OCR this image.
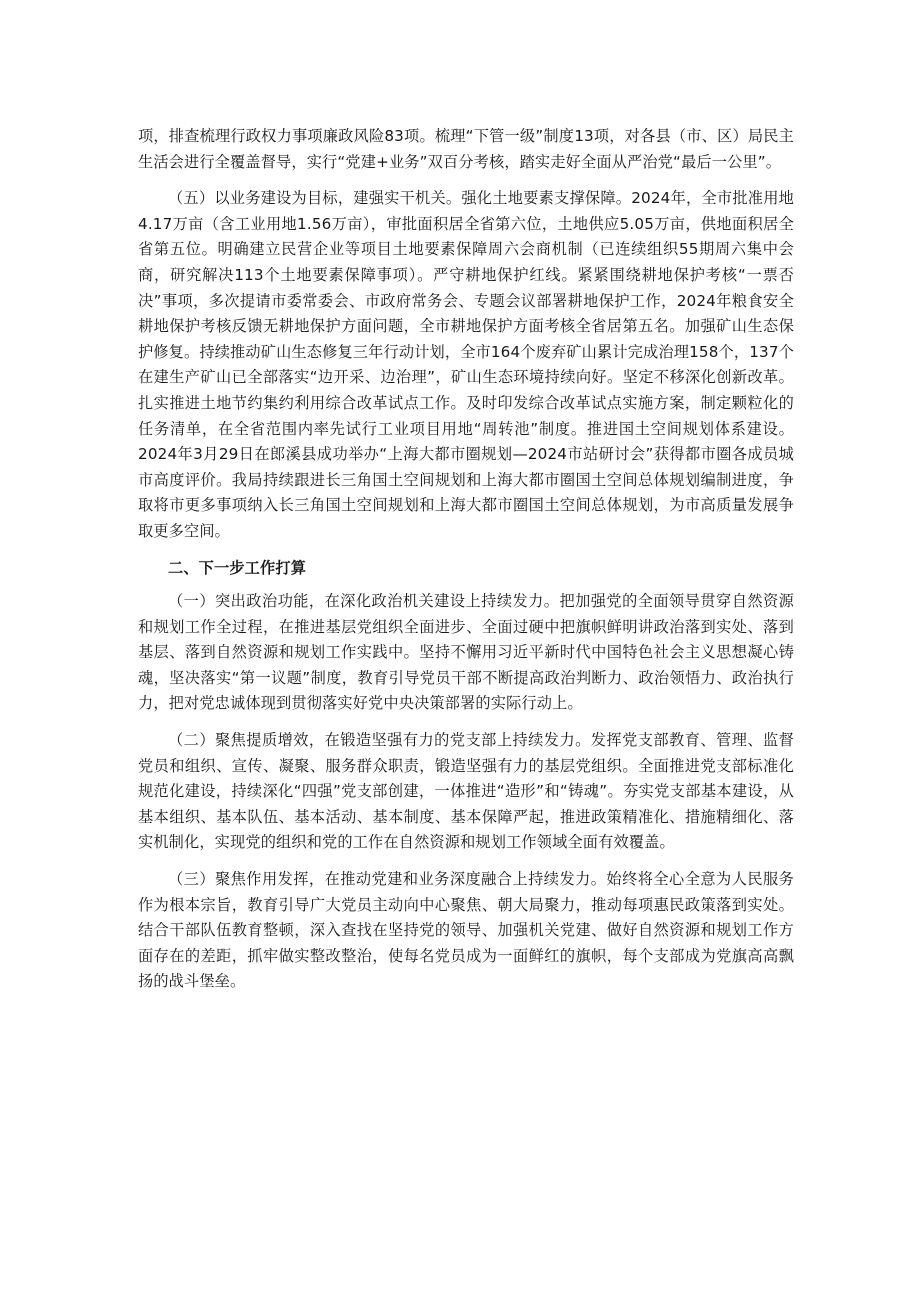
项，排查梳理行政权力事项廉政风险83项。梳理“下管一级”制度13项，对各县（市、区）局民主生活会进行全覆盖督导，实行“党建+业务”双百分考核，踏实走好全面从严治党“最后一公里”。

（五）以业务建设为目标，建强实干机关。强化土地要素支撑保障。2024年，全市批准用地4.17万亩（含工业用地1.56万亩），审批面积居全省第六位，土地供应5.05万亩，供地面积居全省第五位。明确建立民营企业等项目土地要素保障周六会商机制（已连续组织55期周六集中会商，研究解决113个土地要素保障事项）。严守耕地保护红线。紧紧围绕耕地保护考核“一票否决”事项，多次提请市委常委会、市政府常务会、专题会议部署耕地保护工作，2024年粮食安全耕地保护考核反馈无耕地保护方面问题，全市耕地保护方面考核全省居第五名。加强矿山生态保护修复。持续推动矿山生态修复三年行动计划，全市164个废弃矿山累计完成治理158个，137个在建生产矿山已全部落实“边开采、边治理”，矿山生态环境持续向好。坚定不移深化创新改革。扎实推进土地节约集约利用综合改革试点工作。及时印发综合改革试点实施方案，制定颗粒化的任务清单，在全省范围内率先试行工业项目用地“周转池”制度。推进国土空间规划体系建设。2024年3月29日在郎溪县成功举办“上海大都市圈规划—2024市站研讨会”获得都市圈各成员城市高度评价。我局持续跟进长三角国土空间规划和上海大都市圈国土空间总体规划编制进度，争取将市更多事项纳入长三角国土空间规划和上海大都市圈国土空间总体规划，为市高质量发展争取更多空间。

二、下一步工作打算

（一）突出政治功能，在深化政治机关建设上持续发力。把加强党的全面领导贯穿自然资源和规划工作全过程，在推进基层党组织全面进步、全面过硬中把旗帜鲜明讲政治落到实处、落到基层、落到自然资源和规划工作实践中。坚持不懈用习近平新时代中国特色社会主义思想凝心铸魂，坚决落实“第一议题”制度，教育引导党员干部不断提高政治判断力、政治领悟力、政治执行力，把对党忠诚体现到贯彻落实好党中央决策部署的实际行动上。

（二）聚焦提质增效，在锻造坚强有力的党支部上持续发力。发挥党支部教育、管理、监督党员和组织、宣传、凝聚、服务群众职责，锻造坚强有力的基层党组织。全面推进党支部标准化规范化建设，持续深化“四强”党支部创建，一体推进“造形”和“铸魂”。夯实党支部基本建设，从基本组织、基本队伍、基本活动、基本制度、基本保障严起，推进政策精准化、措施精细化、落实机制化，实现党的组织和党的工作在自然资源和规划工作领域全面有效覆盖。

（三）聚焦作用发挥，在推动党建和业务深度融合上持续发力。始终将全心全意为人民服务作为根本宗旨，教育引导广大党员主动向中心聚焦、朝大局聚力，推动每项惠民政策落到实处。结合干部队伍教育整顿，深入查找在坚持党的领导、加强机关党建、做好自然资源和规划工作方面存在的差距，抓牢做实整改整治，使每名党员成为一面鲜红的旗帜，每个支部成为党旗高高飘扬的战斗堡垒。
